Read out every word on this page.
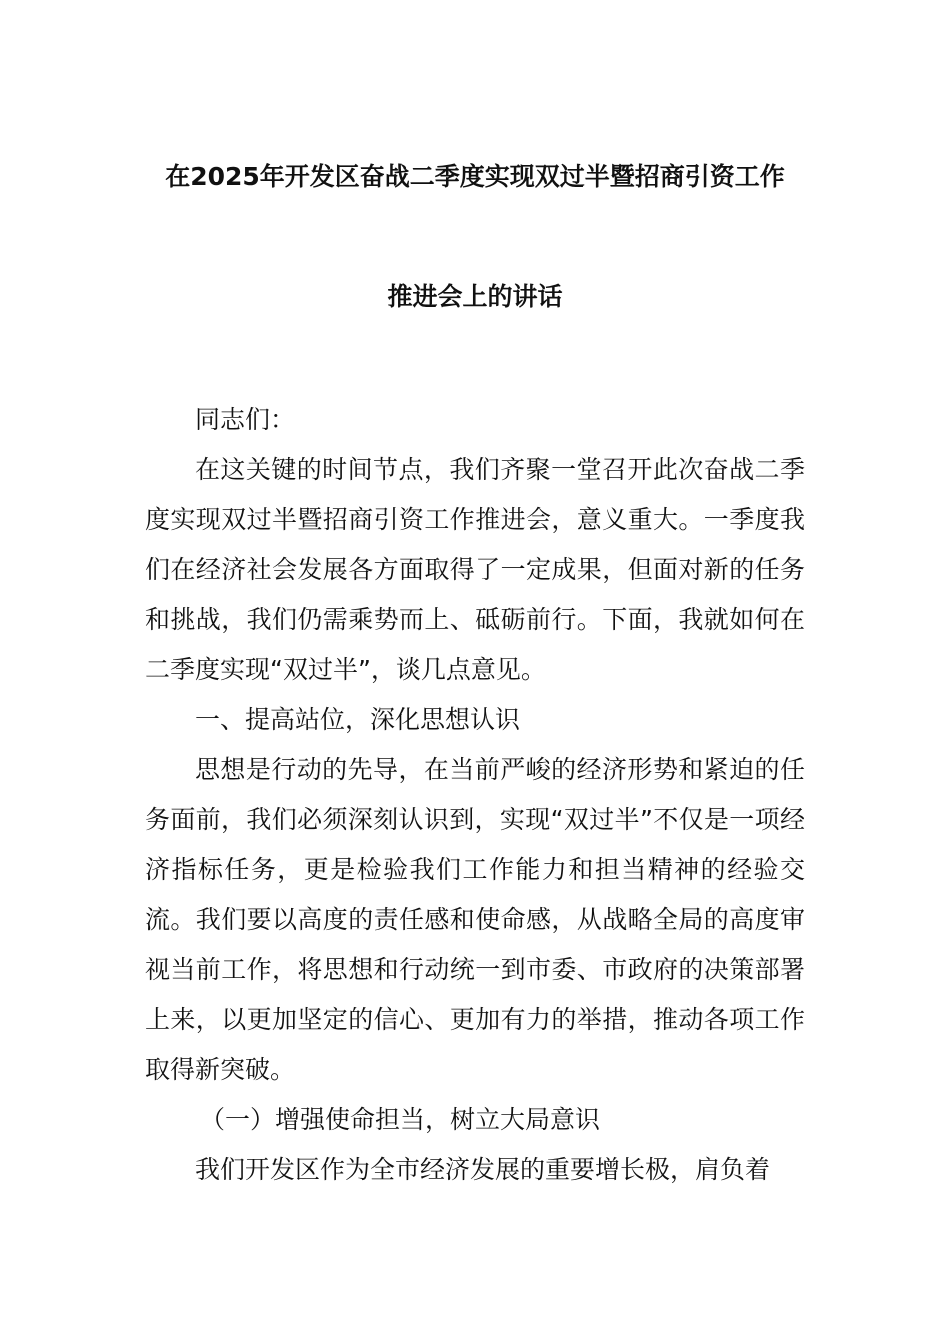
在2025年开发区奋战二季度实现双过半暨招商引资工作
推进会上的讲话

同志们：

在这关键的时间节点，我们齐聚一堂召开此次奋战二季度实现双过半暨招商引资工作推进会，意义重大。一季度我们在经济社会发展各方面取得了一定成果，但面对新的任务和挑战，我们仍需乘势而上、砥砺前行。下面，我就如何在二季度实现“双过半”，谈几点意见。

一、提高站位，深化思想认识

思想是行动的先导，在当前严峻的经济形势和紧迫的任务面前，我们必须深刻认识到，实现“双过半”不仅是一项经济指标任务，更是检验我们工作能力和担当精神的经验交流。我们要以高度的责任感和使命感，从战略全局的高度审视当前工作，将思想和行动统一到市委、市政府的决策部署上来，以更加坚定的信心、更加有力的举措，推动各项工作取得新突破。

（一）增强使命担当，树立大局意识

我们开发区作为全市经济发展的重要增长极，肩负着
